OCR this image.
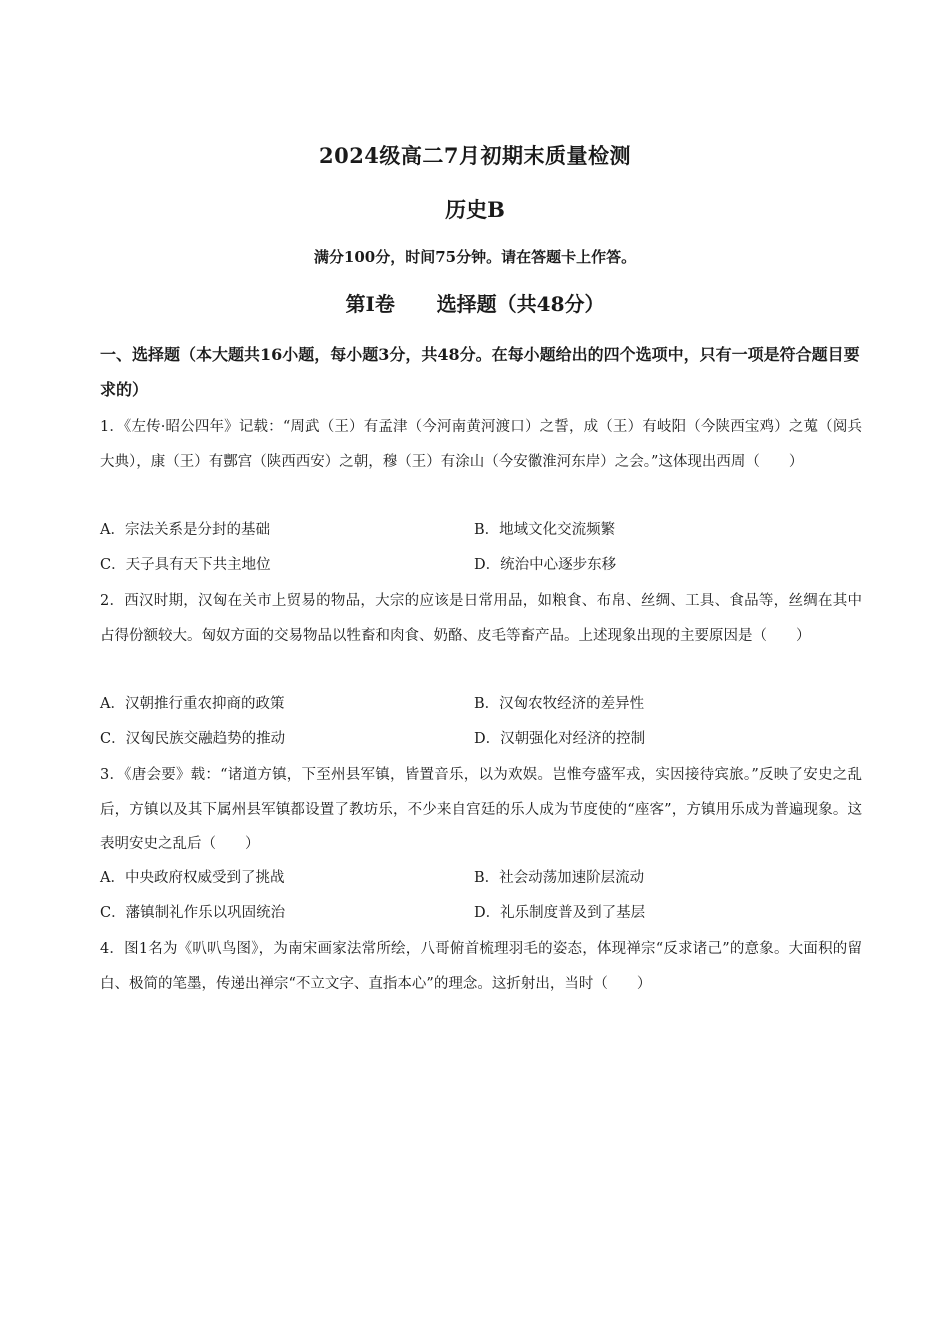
2024级高二7月初期末质量检测
历史B
满分100分，时间75分钟。请在答题卡上作答。
第I卷      选择题（共48分）
一、选择题（本大题共16小题，每小题3分，共48分。在每小题给出的四个选项中，只有一项是符合题目要求的）
1．《左传·昭公四年》记载：“周武（王）有孟津（今河南黄河渡口）之誓，成（王）有岐阳（今陕西宝鸡）之蒐（阅兵大典），康（王）有酆宫（陕西西安）之朝，穆（王）有涂山（今安徽淮河东岸）之会。”这体现出西周（　　）
A．宗法关系是分封的基础	B．地域文化交流频繁
C．天子具有天下共主地位	D．统治中心逐步东移
2．西汉时期，汉匈在关市上贸易的物品，大宗的应该是日常用品，如粮食、布帛、丝绸、工具、食品等，丝绸在其中占得份额较大。匈奴方面的交易物品以牲畜和肉食、奶酪、皮毛等畜产品。上述现象出现的主要原因是（　　）
A．汉朝推行重农抑商的政策	B．汉匈农牧经济的差异性
C．汉匈民族交融趋势的推动	D．汉朝强化对经济的控制
3．《唐会要》载：“诸道方镇，下至州县军镇，皆置音乐，以为欢娱。岂惟夸盛军戎，实因接待宾旅。”反映了安史之乱后，方镇以及其下属州县军镇都设置了教坊乐，不少来自宫廷的乐人成为节度使的“座客”，方镇用乐成为普遍现象。这表明安史之乱后（　　）
A．中央政府权威受到了挑战	B．社会动荡加速阶层流动
C．藩镇制礼作乐以巩固统治	D．礼乐制度普及到了基层
4．图1名为《叭叭鸟图》，为南宋画家法常所绘，八哥俯首梳理羽毛的姿态，体现禅宗“反求诸己”的意象。大面积的留白、极简的笔墨，传递出禅宗“不立文字、直指本心”的理念。这折射出，当时（　　）
